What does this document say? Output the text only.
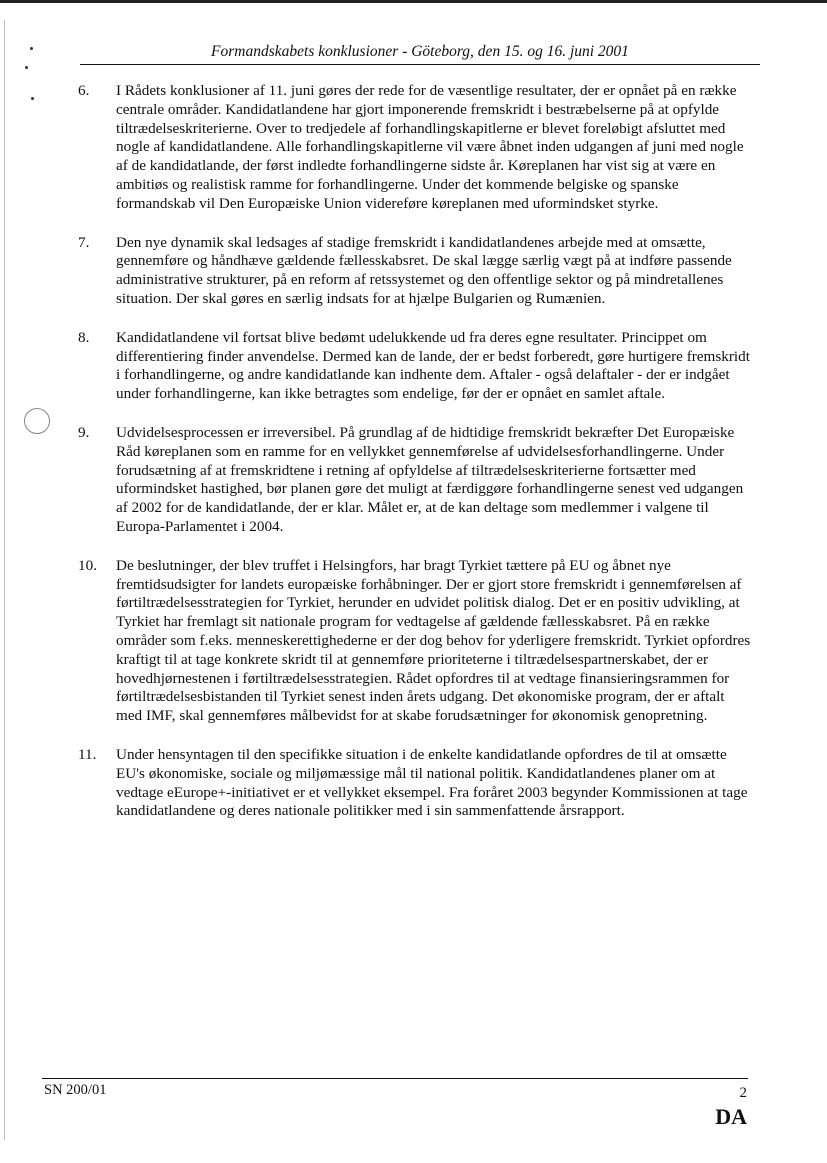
Formandskabets konklusioner - Göteborg, den 15. og 16. juni 2001
6. I Rådets konklusioner af 11. juni gøres der rede for de væsentlige resultater, der er opnået på en række centrale områder. Kandidatlandene har gjort imponerende fremskridt i bestræbelserne på at opfylde tiltrædelseskriterierne. Over to tredjedele af forhandlingskapitlerne er blevet foreløbigt afsluttet med nogle af kandidatlandene. Alle forhandlingskapitlerne vil være åbnet inden udgangen af juni med nogle af de kandidatlande, der først indledte forhandlingerne sidste år. Køreplanen har vist sig at være en ambitiøs og realistisk ramme for forhandlingerne. Under det kommende belgiske og spanske formandskab vil Den Europæiske Union videreføre køreplanen med uformindsket styrke.
7. Den nye dynamik skal ledsages af stadige fremskridt i kandidatlandenes arbejde med at omsætte, gennemføre og håndhæve gældende fællesskabsret. De skal lægge særlig vægt på at indføre passende administrative strukturer, på en reform af retssystemet og den offentlige sektor og på mindretallenes situation. Der skal gøres en særlig indsats for at hjælpe Bulgarien og Rumænien.
8. Kandidatlandene vil fortsat blive bedømt udelukkende ud fra deres egne resultater. Princippet om differentiering finder anvendelse. Dermed kan de lande, der er bedst forberedt, gøre hurtigere fremskridt i forhandlingerne, og andre kandidatlande kan indhente dem. Aftaler - også delaftaler - der er indgået under forhandlingerne, kan ikke betragtes som endelige, før der er opnået en samlet aftale.
9. Udvidelsesprocessen er irreversibel. På grundlag af de hidtidige fremskridt bekræfter Det Europæiske Råd køreplanen som en ramme for en vellykket gennemførelse af udvidelsesforhandlingerne. Under forudsætning af at fremskridtene i retning af opfyldelse af tiltrædelseskriterierne fortsætter med uformindsket hastighed, bør planen gøre det muligt at færdiggøre forhandlingerne senest ved udgangen af 2002 for de kandidatlande, der er klar. Målet er, at de kan deltage som medlemmer i valgene til Europa-Parlamentet i 2004.
10. De beslutninger, der blev truffet i Helsingfors, har bragt Tyrkiet tættere på EU og åbnet nye fremtidsudsigter for landets europæiske forhåbninger. Der er gjort store fremskridt i gennemførelsen af førtiltrædelsesstrategien for Tyrkiet, herunder en udvidet politisk dialog. Det er en positiv udvikling, at Tyrkiet har fremlagt sit nationale program for vedtagelse af gældende fællesskabsret. På en række områder som f.eks. menneskerettighederne er der dog behov for yderligere fremskridt. Tyrkiet opfordres kraftigt til at tage konkrete skridt til at gennemføre prioriteterne i tiltrædelsespartnerskabet, der er hovedhjørnestenen i førtiltrædelsesstrategien. Rådet opfordres til at vedtage finansieringsrammen for førtiltrædelsesbistanden til Tyrkiet senest inden årets udgang. Det økonomiske program, der er aftalt med IMF, skal gennemføres målbevidst for at skabe forudsætninger for økonomisk genopretning.
11. Under hensyntagen til den specifikke situation i de enkelte kandidatlande opfordres de til at omsætte EU's økonomiske, sociale og miljømæssige mål til national politik. Kandidatlandenes planer om at vedtage eEurope+-initiativet er et vellykket eksempel. Fra foråret 2003 begynder Kommissionen at tage kandidatlandene og deres nationale politikker med i sin sammenfattende årsrapport.
SN 200/01	2
DA
